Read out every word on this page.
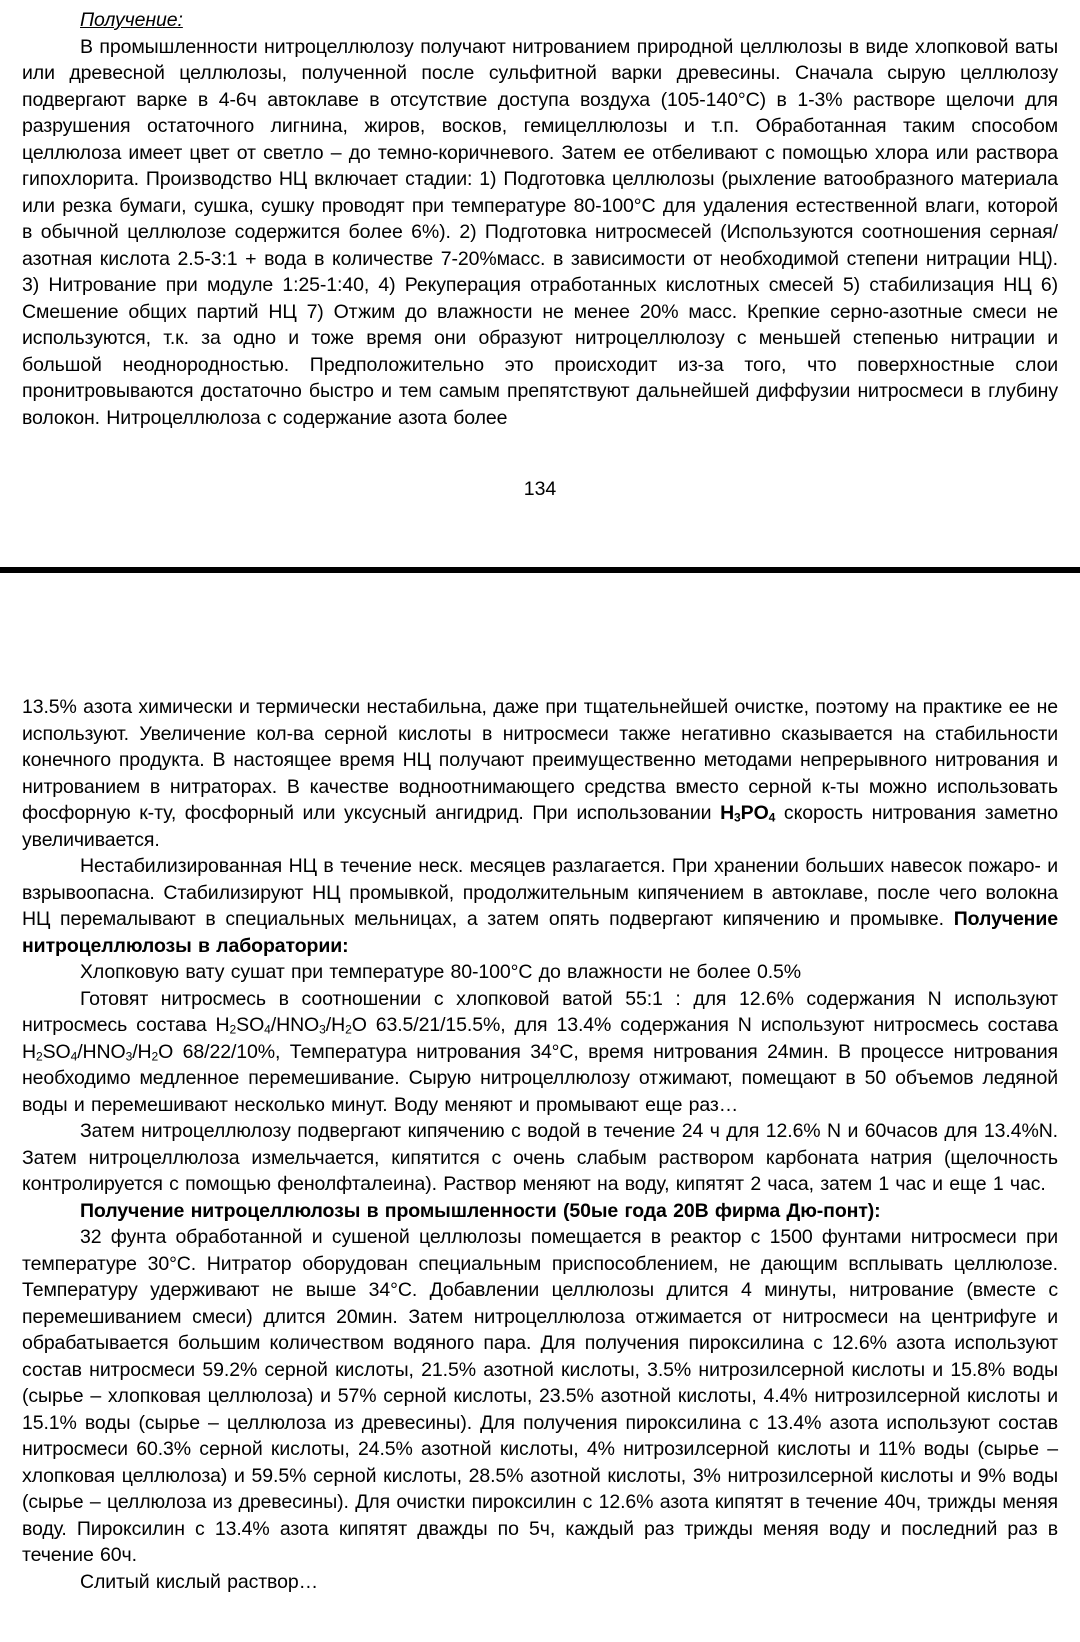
Получение:

В промышленности нитроцеллюлозу получают нитрованием природной целлюлозы в виде хлопковой ваты или древесной целлюлозы, полученной после сульфитной варки древесины. Сначала сырую целлюлозу подвергают варке в 4-6ч автоклаве в отсутствие доступа воздуха (105-140°С) в 1-3% растворе щелочи для разрушения остаточного лигнина, жиров, восков, гемицеллюлозы и т.п. Обработанная таким способом целлюлоза имеет цвет от светло – до темно-коричневого. Затем ее отбеливают с помощью хлора или раствора гипохлорита. Производство НЦ включает стадии: 1) Подготовка целлюлозы (рыхление ватообразного материала или резка бумаги, сушка, сушку проводят при температуре 80-100°С для удаления естественной влаги, которой в обычной целлюлозе содержится более 6%). 2) Подготовка нитросмесей (Используются соотношения серная/азотная кислота 2.5-3:1 + вода в количестве 7-20%масс. в зависимости от необходимой степени нитрации НЦ). 3) Нитрование при модуле 1:25-1:40, 4) Рекуперация отработанных кислотных смесей 5) стабилизация НЦ 6) Смешение общих партий НЦ 7) Отжим до влажности не менее 20% масс. Крепкие серно-азотные смеси не используются, т.к. за одно и тоже время они образуют нитроцеллюлозу с меньшей степенью нитрации и большой неоднородностью. Предположительно это происходит из-за того, что поверхностные слои пронитровываются достаточно быстро и тем самым препятствуют дальнейшей диффузии нитросмеси в глубину волокон. Нитроцеллюлоза с содержание азота более

134

13.5% азота химически и термически нестабильна, даже при тщательнейшей очистке, поэтому на практике ее не используют. Увеличение кол-ва серной кислоты в нитросмеси также негативно сказывается на стабильности конечного продукта. В настоящее время НЦ получают преимущественно методами непрерывного нитрования и нитрованием в нитраторах. В качестве водноотнимающего средства вместо серной к-ты можно использовать фосфорную к-ту, фосфорный или уксусный ангидрид. При использовании $H_3PO_4$ скорость нитрования заметно увеличивается.

Нестабилизированная НЦ в течение неск. месяцев разлагается. При хранении больших навесок пожаро- и взрывоопасна. Стабилизируют НЦ промывкой, продолжительным кипячением в автоклаве, после чего волокна НЦ перемалывают в специальных мельницах, а затем опять подвергают кипячению и промывке. Получение нитроцеллюлозы в лаборатории:

Хлопковую вату сушат при температуре 80-100°С до влажности не более 0.5%

Готовят нитросмесь в соотношении с хлопковой ватой 55:1 : для 12.6% содержания N используют нитросмесь состава $H_2SO_4/HNO_3/H_2O$ 63.5/21/15.5%, для 13.4% содержания N используют нитросмесь состава $H_2SO_4/HNO_3/H_2O$ 68/22/10%, Температура нитрования 34°С, время нитрования 24мин. В процессе нитрования необходимо медленное перемешивание. Сырую нитроцеллюлозу отжимают, помещают в 50 объемов ледяной воды и перемешивают несколько минут. Воду меняют и промывают еще раз…

Затем нитроцеллюлозу подвергают кипячению с водой в течение 24 ч для 12.6% N и 60часов для 13.4%N. Затем нитроцеллюлоза измельчается, кипятится с очень слабым раствором карбоната натрия (щелочность контролируется с помощью фенолфталеина). Раствор меняют на воду, кипятят 2 часа, затем 1 час и еще 1 час.

Получение нитроцеллюлозы в промышленности (50ые года 20В фирма Дю-понт):

32 фунта обработанной и сушеной целлюлозы помещается в реактор с 1500 фунтами нитросмеси при температуре 30°С. Нитратор оборудован специальным приспособлением, не дающим всплывать целлюлозе. Температуру удерживают не выше 34°С. Добавлении целлюлозы длится 4 минуты, нитрование (вместе с перемешиванием смеси) длится 20мин. Затем нитроцеллюлоза отжимается от нитросмеси на центрифуге и обрабатывается большим количеством водяного пара. Для получения пироксилина с 12.6% азота используют состав нитросмеси 59.2% серной кислоты, 21.5% азотной кислоты, 3.5% нитрозилсерной кислоты и 15.8% воды (сырье – хлопковая целлюлоза) и 57% серной кислоты, 23.5% азотной кислоты, 4.4% нитрозилсерной кислоты и 15.1% воды (сырье – целлюлоза из древесины). Для получения пироксилина с 13.4% азота используют состав нитросмеси 60.3% серной кислоты, 24.5% азотной кислоты, 4% нитрозилсерной кислоты и 11% воды (сырье – хлопковая целлюлоза) и 59.5% серной кислоты, 28.5% азотной кислоты, 3% нитрозилсерной кислоты и 9% воды (сырье – целлюлоза из древесины). Для очистки пироксилин с 12.6% азота кипятят в течение 40ч, трижды меняя воду. Пироксилин с 13.4% азота кипятят дважды по 5ч, каждый раз трижды меняя воду и последний раз в течение 60ч.

Слитый кислый раствор…
